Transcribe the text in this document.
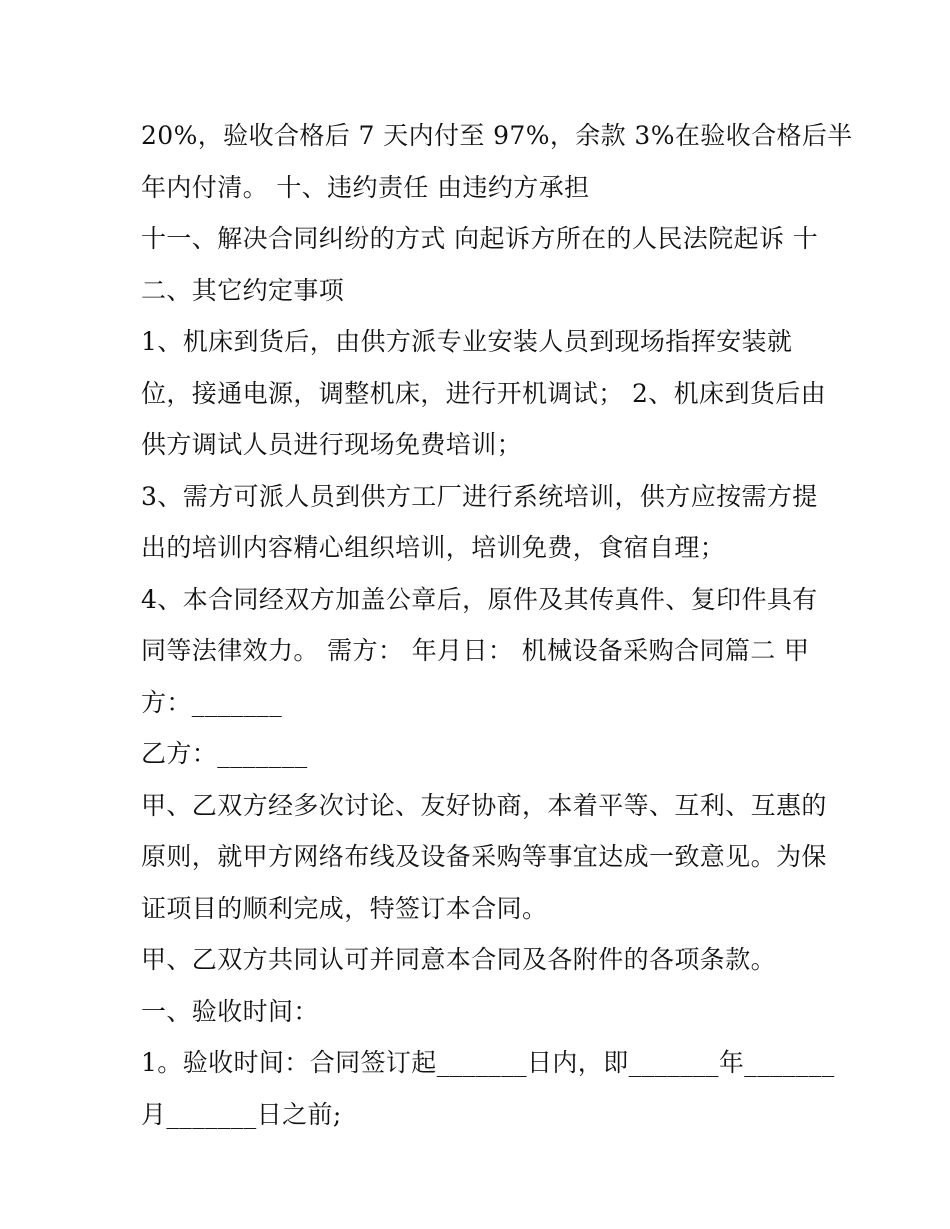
20%，验收合格后 7 天内付至 97%，余款 3%在验收合格后半
年内付清。 十、违约责任 由违约方承担
十一、解决合同纠纷的方式 向起诉方所在的人民法院起诉 十
二、其它约定事项
1、机床到货后，由供方派专业安装人员到现场指挥安装就
位，接通电源，调整机床，进行开机调试； 2、机床到货后由
供方调试人员进行现场免费培训；
3、需方可派人员到供方工厂进行系统培训，供方应按需方提
出的培训内容精心组织培训，培训免费，食宿自理；
4、本合同经双方加盖公章后，原件及其传真件、复印件具有
同等法律效力。 需方： 年月日： 机械设备采购合同篇二 甲
方：_______
乙方：_______
甲、乙双方经多次讨论、友好协商，本着平等、互利、互惠的
原则，就甲方网络布线及设备采购等事宜达成一致意见。为保
证项目的顺利完成，特签订本合同。
甲、乙双方共同认可并同意本合同及各附件的各项条款。
一、验收时间：
1。验收时间：合同签订起_______日内，即_______年_______
月_______日之前;
